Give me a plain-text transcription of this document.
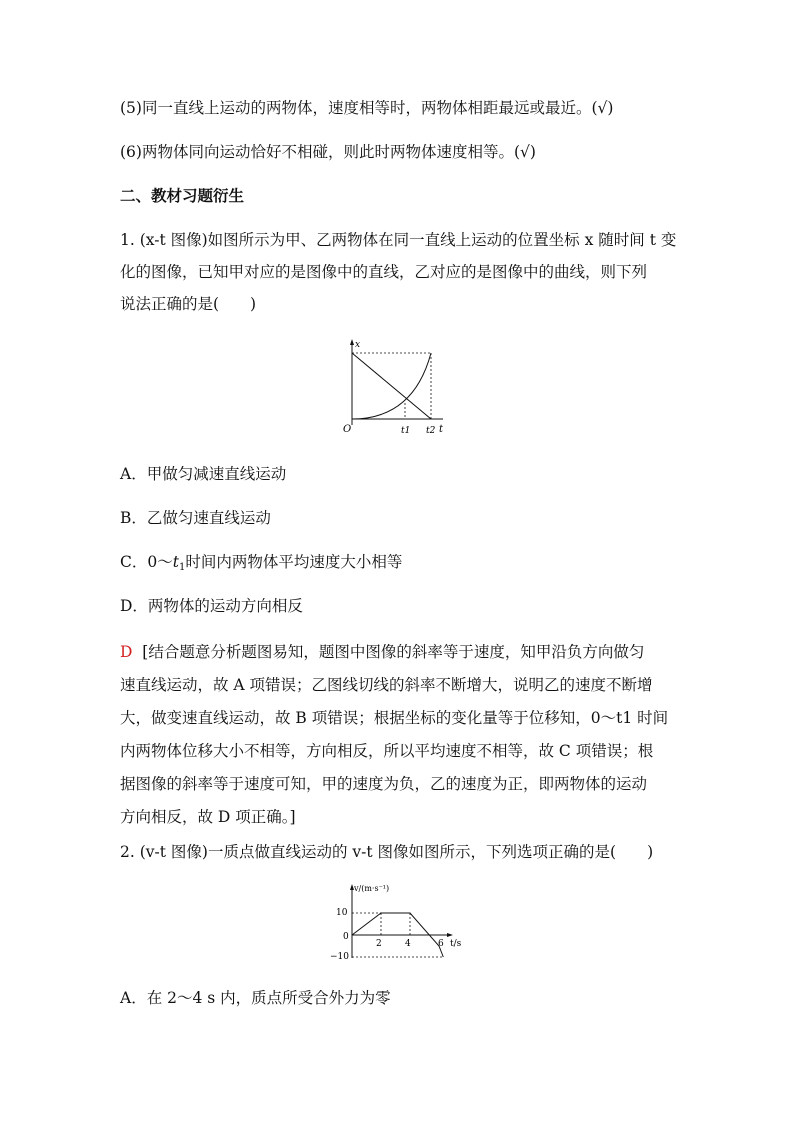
(5)同一直线上运动的两物体，速度相等时，两物体相距最远或最近。(√)
(6)两物体同向运动恰好不相碰，则此时两物体速度相等。(√)
二、教材习题衍生
1. (x-t 图像)如图所示为甲、乙两物体在同一直线上运动的位置坐标 x 随时间 t 变
化的图像，已知甲对应的是图像中的直线，乙对应的是图像中的曲线，则下列
说法正确的是(　　)
x
O	t1 t2 t
A．甲做匀减速直线运动
B．乙做匀速直线运动
C．$0\sim t_1$时间内两物体平均速度大小相等
D．两物体的运动方向相反
D [结合题意分析题图易知，题图中图像的斜率等于速度，知甲沿负方向做匀
速直线运动，故 A 项错误；乙图线切线的斜率不断增大，说明乙的速度不断增
大，做变速直线运动，故 B 项错误；根据坐标的变化量等于位移知，0～t1 时间
内两物体位移大小不相等，方向相反，所以平均速度不相等，故 C 项错误；根
据图像的斜率等于速度可知，甲的速度为负，乙的速度为正，即两物体的运动
方向相反，故 D 项正确。]
2. (v-t 图像)一质点做直线运动的 v-t 图像如图所示，下列选项正确的是(　　)
v/(m·s⁻¹)
t/s
10
0
−10
2	4	6
A．在 2～4 s 内，质点所受合外力为零
